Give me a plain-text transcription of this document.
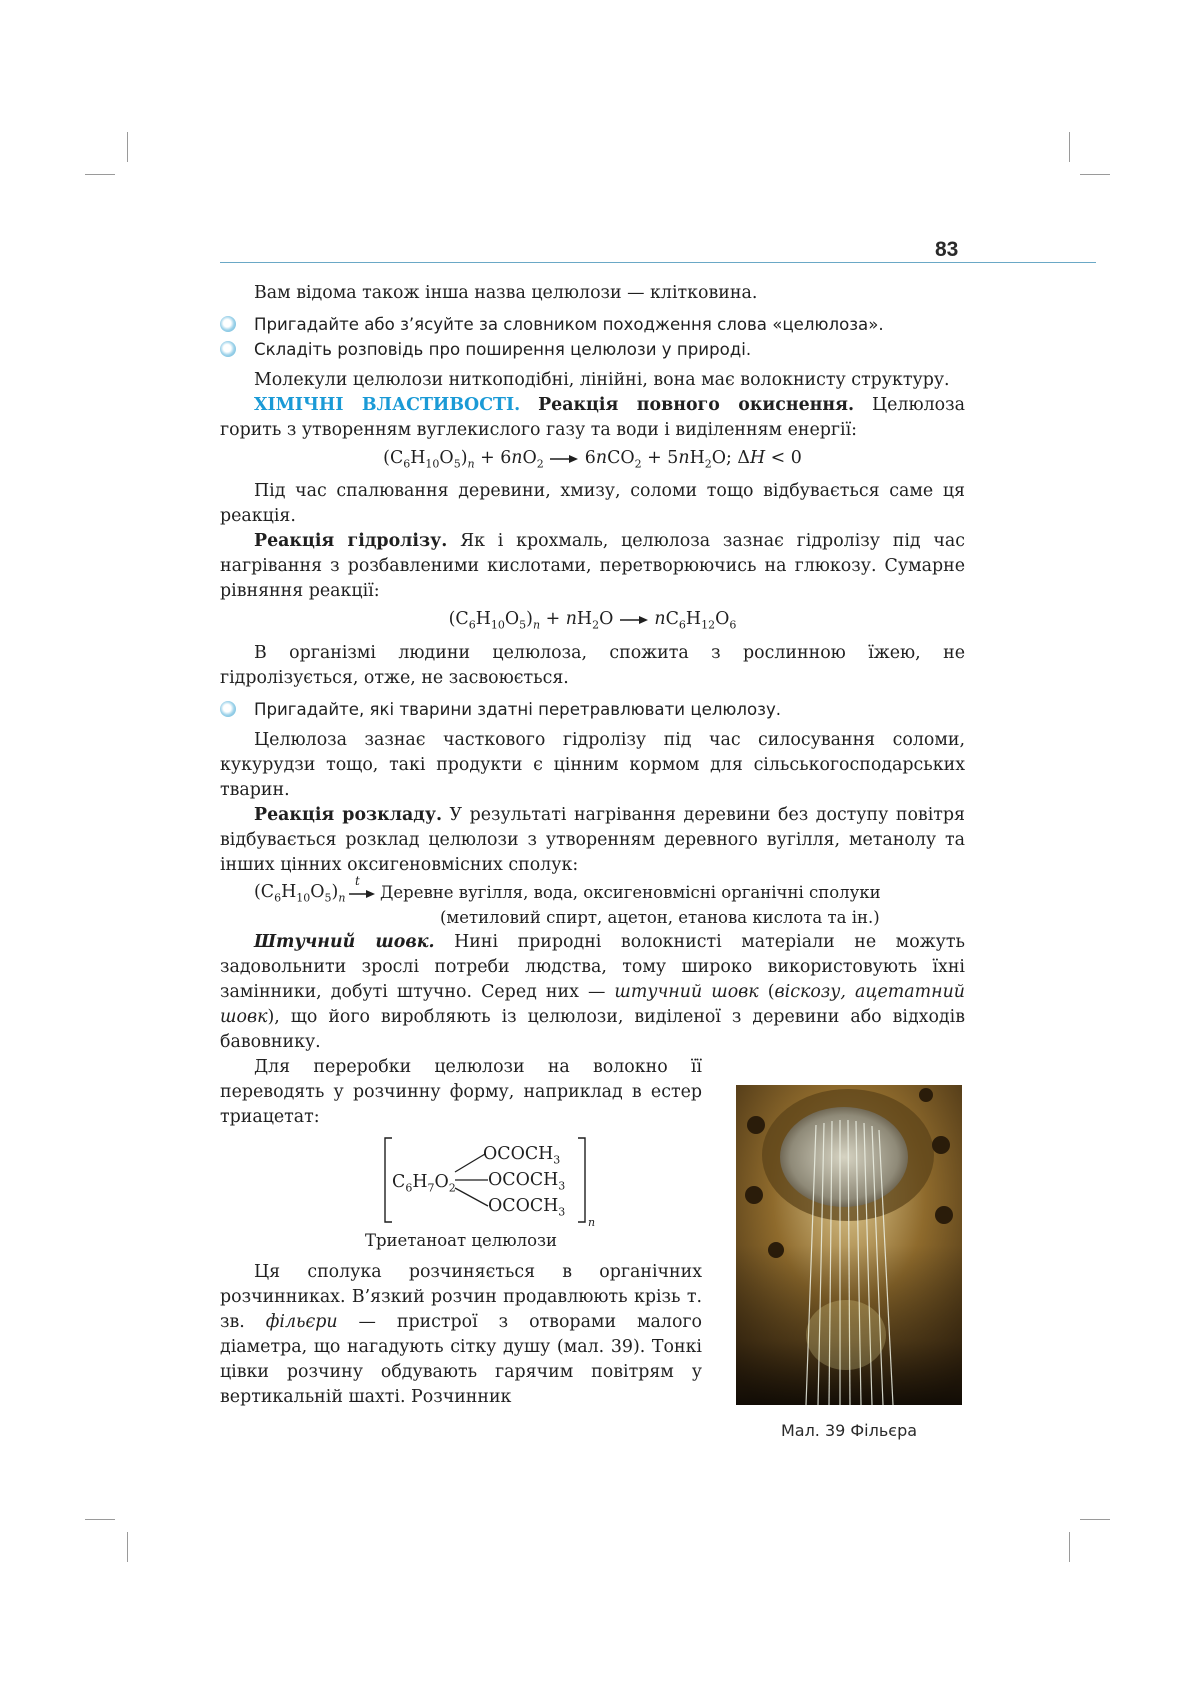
83

Вам відома також інша назва целюлози — клітковина.

Пригадайте або з’ясуйте за словником походження слова «целюлоза».

Складіть розповідь про поширення целюлози у природі.

Молекули целюлози ниткоподібні, лінійні, вона має волокнисту структуру.

ХІМІЧНІ ВЛАСТИВОСТІ. Реакція повного окиснення. Целюлоза горить з утворенням вуглекислого газу та води і виділенням енергії:

$(C_6H_{10}O_5)_n + 6nO_2 \to 6nCO_2 + 5nH_2O$; ΔH < 0

Під час спалювання деревини, хмизу, соломи тощо відбувається саме ця реакція.

Реакція гідролізу. Як і крохмаль, целюлоза зазнає гідролізу під час нагрівання з розбавленими кислотами, перетворюючись на глюкозу. Сумарне рівняння реакції:

$(C_6H_{10}O_5)_n + nH_2O \to nC_6H_{12}O_6$

В організмі людини целюлоза, спожита з рослинною їжею, не гідролізується, отже, не засвоюється.

Пригадайте, які тварини здатні перетравлювати целюлозу.

Целюлоза зазнає часткового гідролізу під час силосування соломи, кукурудзи тощо, такі продукти є цінним кормом для сільськогосподарських тварин.

Реакція розкладу. У результаті нагрівання деревини без доступу повітря відбувається розклад целюлози з утворенням деревного вугілля, метанолу та інших цінних оксигеновмісних сполук:

$(C_6H_{10}O_5)_n$
t
→ Деревне вугілля, вода, оксигеновмісні органічні сполуки
(метиловий спирт, ацетон, етанова кислота та ін.)

Штучний шовк. Нині природні волокнисті матеріали не можуть задовольнити зрослі потреби людства, тому широко використовують їхні замінники, добуті штучно. Серед них — штучний шовк (віскозу, ацетатний шовк), що його виробляють із целюлози, виділеної з деревини або відходів бавовнику.

Для переробки целюлози на волокно її переводять у розчинну форму, наприклад в естер триацетат:

$C_6H_7O_2$
$OCOCH_3$
$OCOCH_3$
$OCOCH_3$
n
Триетаноат целюлози

Ця сполука розчиняється в органічних розчинниках. В’язкий розчин продавлюють крізь т. зв. фільєри — пристрої з отворами малого діаметра, що нагадують сітку душу (мал. 39). Тонкі цівки розчину обдувають гарячим повітрям у вертикальній шахті. Розчинник

Мал. 39 Фільєра
